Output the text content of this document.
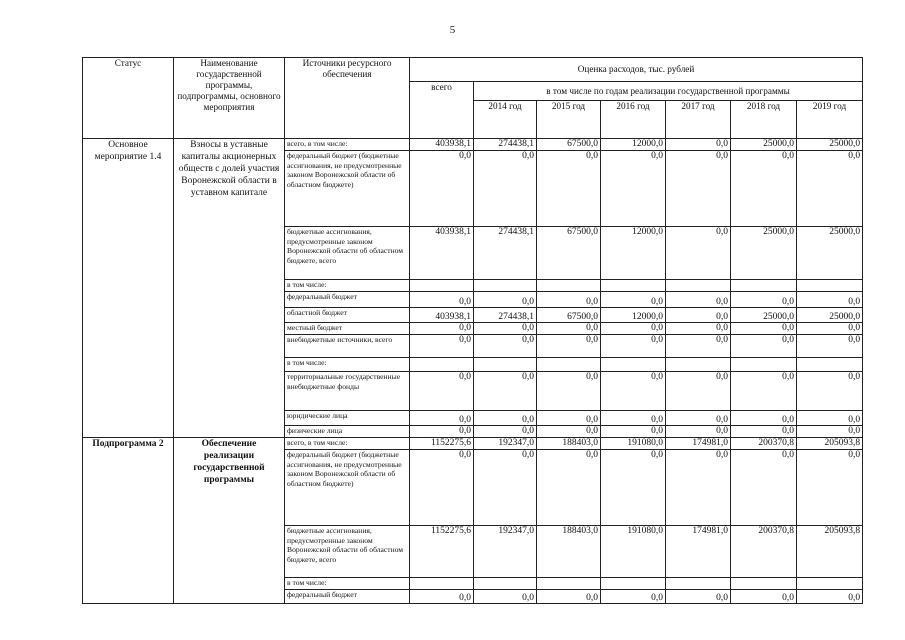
5
Статус	Наименование государственной программы, подпрограммы, основного мероприятия	Источники ресурсного обеспечения	Оценка расходов, тыс. рублей						
			всего	в том числе по годам реализации государственной программы					
				2014 год	2015 год	2016 год	2017 год	2018 год	2019 год
Основное мероприятие 1.4	Взносы в уставные капиталы акционерных обществ с долей участия Воронежской области в уставном капитале	всего, в том числе:	403938,1	274438,1	67500,0	12000,0	0,0	25000,0	25000,0
		федеральный бюджет (бюджетные ассигнования, не предусмотренные законом Воронежской области об областном бюджете)	0,0	0,0	0,0	0,0	0,0	0,0	0,0
		бюджетные ассигнования, предусмотренные законом Воронежской области об областном бюджете, всего	403938,1	274438,1	67500,0	12000,0	0,0	25000,0	25000,0
		в том числе:							
		федеральный бюджет	0,0	0,0	0,0	0,0	0,0	0,0	0,0
		областной бюджет	403938,1	274438,1	67500,0	12000,0	0,0	25000,0	25000,0
		местный бюджет	0,0	0,0	0,0	0,0	0,0	0,0	0,0
		внебюджетные источники, всего	0,0	0,0	0,0	0,0	0,0	0,0	0,0
		в том числе:							
		территориальные государственные внебюджетные фонды	0,0	0,0	0,0	0,0	0,0	0,0	0,0
		юридические лица	0,0	0,0	0,0	0,0	0,0	0,0	0,0
		физические лица	0,0	0,0	0,0	0,0	0,0	0,0	0,0
Подпрограмма 2	Обеспечение реализации государственной программы	всего, в том числе:	1152275,6	192347,0	188403,0	191080,0	174981,0	200370,8	205093,8
		федеральный бюджет (бюджетные ассигнования, не предусмотренные законом Воронежской области об областном бюджете)	0,0	0,0	0,0	0,0	0,0	0,0	0,0
		бюджетные ассигнования, предусмотренные законом Воронежской области об областном бюджете, всего	1152275,6	192347,0	188403,0	191080,0	174981,0	200370,8	205093,8
		в том числе:							
		федеральный бюджет	0,0	0,0	0,0	0,0	0,0	0,0	0,0
